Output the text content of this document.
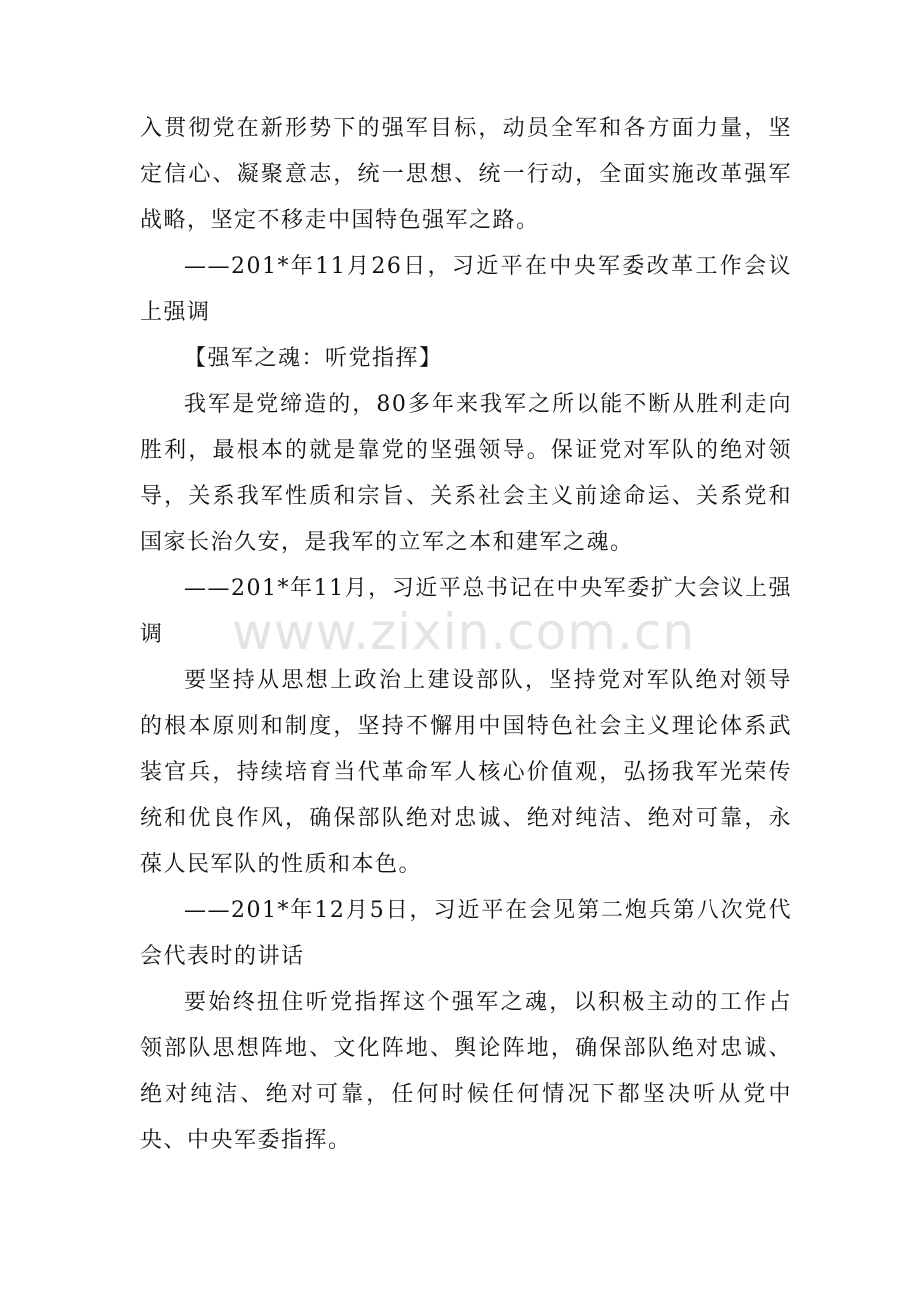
入贯彻党在新形势下的强军目标，动员全军和各方面力量，坚定信心、凝聚意志，统一思想、统一行动，全面实施改革强军战略，坚定不移走中国特色强军之路。

——201*年11月26日，习近平在中央军委改革工作会议上强调

【强军之魂：听党指挥】

我军是党缔造的，80多年来我军之所以能不断从胜利走向胜利，最根本的就是靠党的坚强领导。保证党对军队的绝对领导，关系我军性质和宗旨、关系社会主义前途命运、关系党和国家长治久安，是我军的立军之本和建军之魂。

——201*年11月，习近平总书记在中央军委扩大会议上强调

要坚持从思想上政治上建设部队，坚持党对军队绝对领导的根本原则和制度，坚持不懈用中国特色社会主义理论体系武装官兵，持续培育当代革命军人核心价值观，弘扬我军光荣传统和优良作风，确保部队绝对忠诚、绝对纯洁、绝对可靠，永葆人民军队的性质和本色。

——201*年12月5日，习近平在会见第二炮兵第八次党代会代表时的讲话

要始终扭住听党指挥这个强军之魂，以积极主动的工作占领部队思想阵地、文化阵地、舆论阵地，确保部队绝对忠诚、绝对纯洁、绝对可靠，任何时候任何情况下都坚决听从党中央、中央军委指挥。

www.zixin.com.cn
